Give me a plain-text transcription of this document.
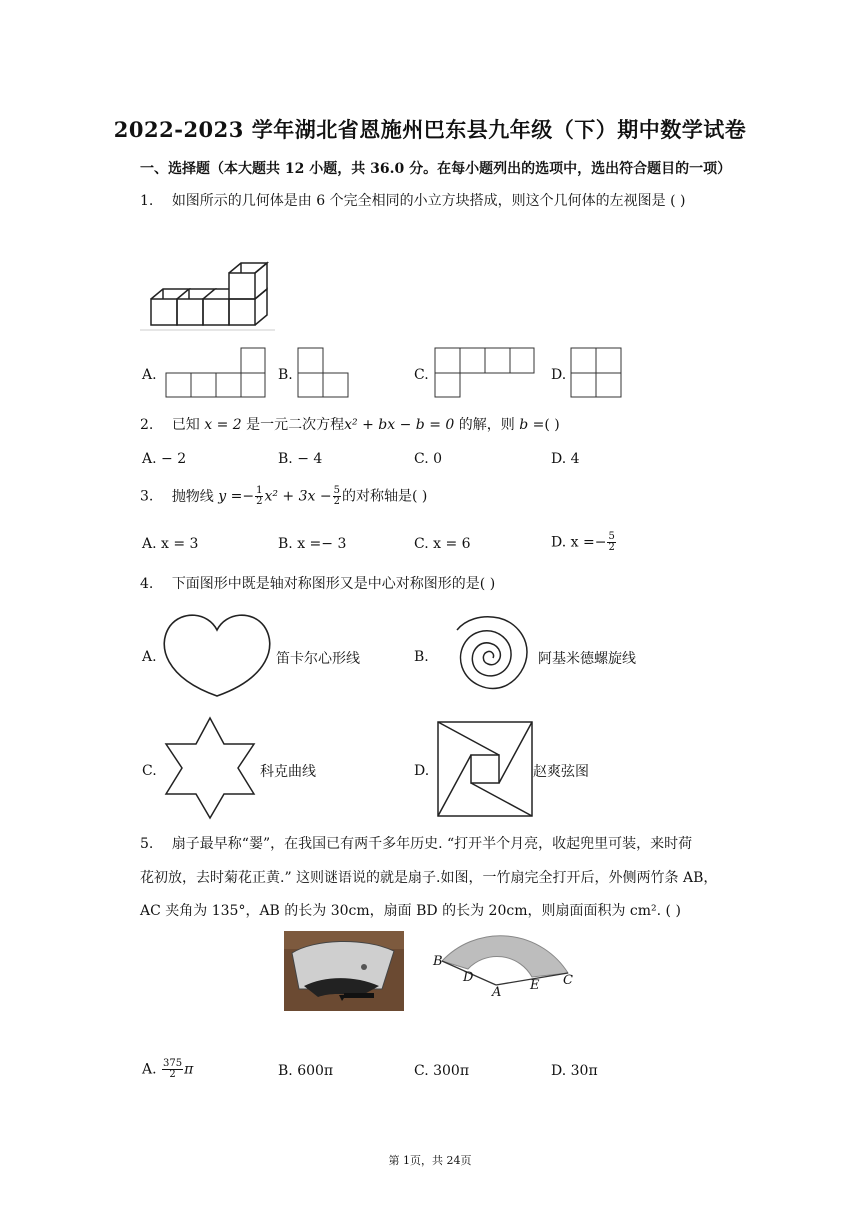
2022-2023 学年湖北省恩施州巴东县九年级（下）期中数学试卷
一、选择题（本大题共 12 小题，共 36.0 分。在每小题列出的选项中，选出符合题目的一项）
1. 如图所示的几何体是由 6 个完全相同的小立方块搭成，则这个几何体的左视图是 ( )
A.	B.	C.	D.
2. 已知 x = 2 是一元二次方程x² + bx − b = 0 的解，则 b =( )
A. − 2	B. − 4	C. 0	D. 4
3. 抛物线 $y =- \frac{1}{2} x^2 + 3x - \frac{5}{2}$ 的对称轴是( )
A. x = 3	B. x =− 3	C. x = 6	D. $x =- \frac{5}{2}$
4. 下面图形中既是轴对称图形又是中心对称图形的是( )
A.	笛卡尔心形线	B.	阿基米德螺旋线
C.	科克曲线	D.	赵爽弦图
5. 扇子最早称“翣”，在我国已有两千多年历史. “打开半个月亮，收起兜里可装，来时荷
花初放，去时菊花正黄.” 这则谜语说的就是扇子.如图，一竹扇完全打开后，外侧两竹条 AB，
AC 夹角为 135°，AB 的长为 30cm，扇面 BD 的长为 20cm，则扇面面积为 cm². ( )
B
D
A E C
A. $\frac{375}{2}$ π	B. 600π	C. 300π	D. 30π
第 1页，共 24页
